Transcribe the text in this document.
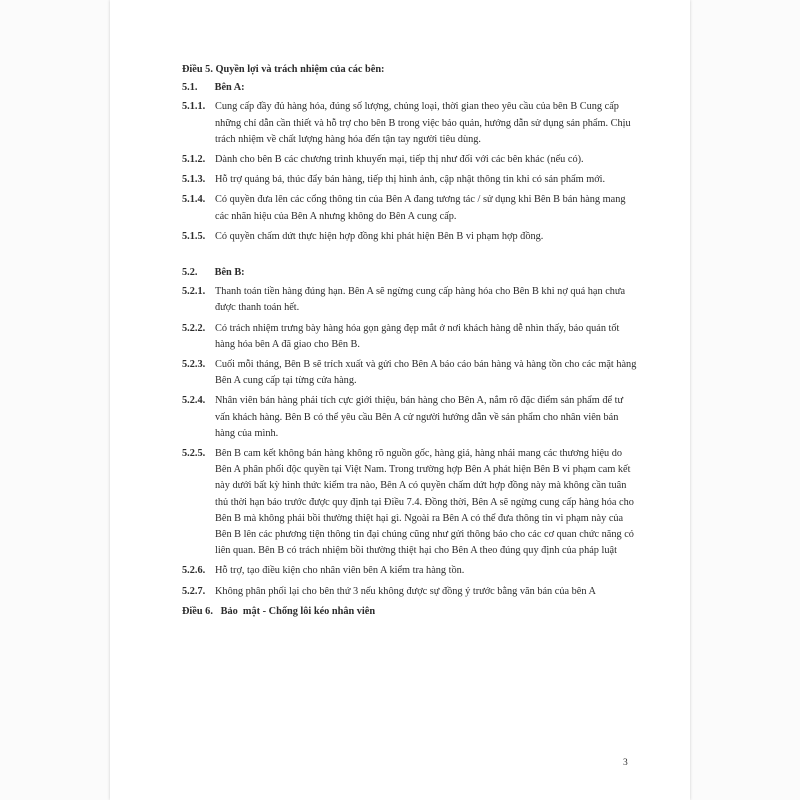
Điều 5. Quyền lợi và trách nhiệm của các bên:
5.1. Bên A:
5.1.1. Cung cấp đầy đủ hàng hóa, đúng số lượng, chủng loại, thời gian theo yêu cầu của bên B Cung cấp những chỉ dẫn cần thiết và hỗ trợ cho bên B trong việc bảo quản, hướng dẫn sử dụng sản phẩm. Chịu trách nhiệm về chất lượng hàng hóa đến tận tay người tiêu dùng.
5.1.2. Dành cho bên B các chương trình khuyến mại, tiếp thị như đối với các bên khác (nếu có).
5.1.3. Hỗ trợ quảng bá, thúc đẩy bán hàng, tiếp thị hình ảnh, cập nhật thông tin khi có sản phẩm mới.
5.1.4. Có quyền đưa lên các cổng thông tin của Bên A đang tương tác / sử dụng khi Bên B bán hàng mang các nhãn hiệu của Bên A nhưng không do Bên A cung cấp.
5.1.5. Có quyền chấm dứt thực hiện hợp đồng khi phát hiện Bên B vi phạm hợp đồng.
5.2. Bên B:
5.2.1. Thanh toán tiền hàng đúng hạn. Bên A sẽ ngừng cung cấp hàng hóa cho Bên B khi nợ quá hạn chưa được thanh toán hết.
5.2.2. Có trách nhiệm trưng bày hàng hóa gọn gàng đẹp mắt ở nơi khách hàng dễ nhìn thấy, bảo quản tốt hàng hóa bên A đã giao cho Bên B.
5.2.3. Cuối mỗi tháng, Bên B sẽ trích xuất và gửi cho Bên A báo cáo bán hàng và hàng tồn cho các mặt hàng Bên A cung cấp tại từng cửa hàng.
5.2.4. Nhân viên bán hàng phải tích cực giới thiệu, bán hàng cho Bên A, nắm rõ đặc điểm sản phẩm để tư vấn khách hàng. Bên B có thể yêu cầu Bên A cử người hướng dẫn về sản phẩm cho nhân viên bán hàng của mình.
5.2.5. Bên B cam kết không bán hàng không rõ nguồn gốc, hàng giả, hàng nhái mang các thương hiệu do Bên A phân phối độc quyền tại Việt Nam. Trong trường hợp Bên A phát hiện Bên B vi phạm cam kết này dưới bất kỳ hình thức kiểm tra nào, Bên A có quyền chấm dứt hợp đồng này mà không cần tuân thủ thời hạn báo trước được quy định tại Điều 7.4. Đồng thời, Bên A sẽ ngừng cung cấp hàng hóa cho Bên B mà không phải bồi thường thiệt hại gì. Ngoài ra Bên A có thể đưa thông tin vi phạm này của Bên B lên các phương tiện thông tin đại chúng cũng như gửi thông báo cho các cơ quan chức năng có liên quan. Bên B có trách nhiệm bồi thường thiệt hại cho Bên A theo đúng quy định của pháp luật
5.2.6. Hỗ trợ, tạo điều kiện cho nhân viên bên A kiểm tra hàng tồn.
5.2.7. Không phân phối lại cho bên thứ 3 nếu không được sự đồng ý trước bằng văn bản của bên A
Điều 6.   Bảo  mật - Chống lôi kéo nhân viên
3
